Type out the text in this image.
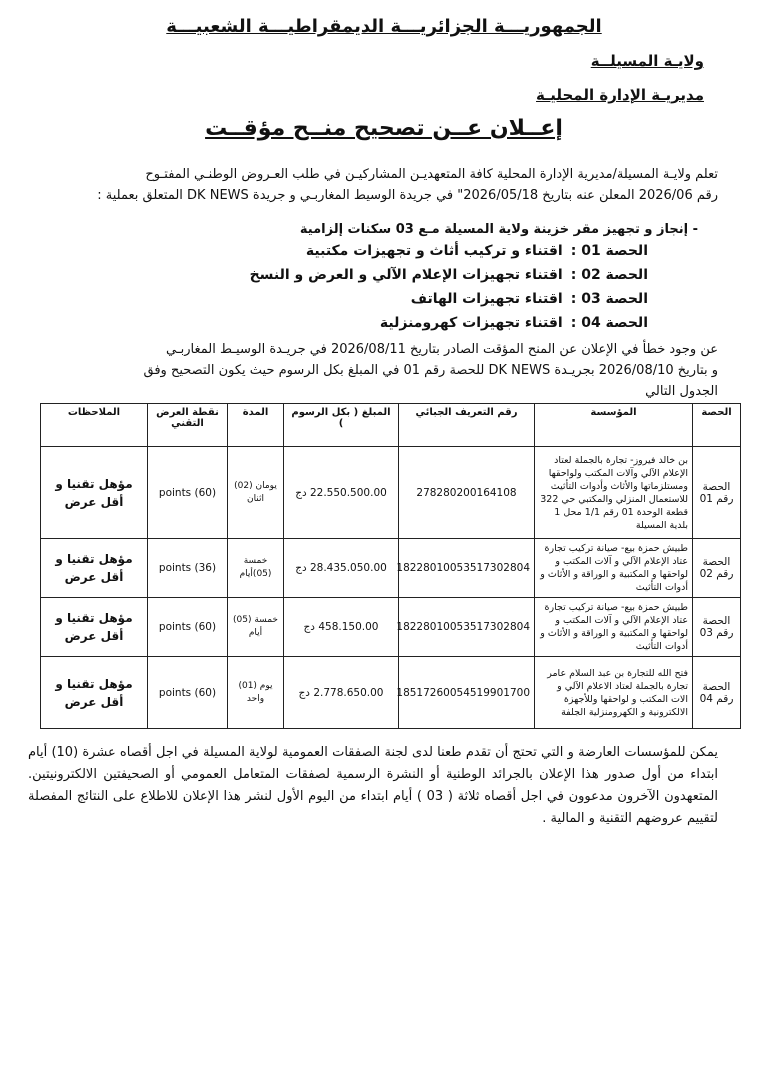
الجمهوريـــة الجزائريـــة الديمقراطيـــة الشعبيـــة
ولايـة المسيلــة
مديريـة الإدارة المحليـة
إعــلان عــن تصحيح منــح مؤقــت
تعلم ولايـة المسيلة/مديرية الإدارة المحلية كافة المتعهديـن المشاركيـن في طلب العـروض الوطنـي المفتـوح
رقم 2026/06 المعلن عنه بتاريخ 2026/05/18" في جريدة الوسيط المغاربـي و جريدة DK NEWS المتعلق بعملية :
- إنجاز و تجهيز مقر خزينة ولاية المسيلة مـع 03 سكنات إلزامية
الحصة 01 :اقتناء و تركيب أثاث و تجهيزات مكتبية
الحصة 02 :اقتناء تجهيزات الإعلام الآلي و العرض و النسخ
الحصة 03 :اقتناء تجهيزات الهاتف
الحصة 04 :اقتناء تجهيزات كهرومنزلية
عن وجود خطأ في الإعلان عن المنح المؤقت الصادر بتاريخ 2026/08/11 في جريـدة الوسيـط المغاربـي
و بتاريخ 2026/08/10 بجريـدة DK NEWS للحصة رقم 01 في المبلغ بكل الرسوم حيث يكون التصحيح وفق
الجدول التالي
الحصة	المؤسسة	رقم التعريف الجبائي	المبلغ ( بكل الرسوم )	المدة	نقطة العرض التقني	الملاحظات
الحصة رقم 01	بن خالد فيروز- تجارة بالجملة لعتاد الإعلام الآلي وآلات المكتب ولواحقها ومستلزماتها والأثاث وأدوات التأثيث للاستعمال المنزلي والمكتبي حي 322 قطعة الوحدة 01 رقم 1/1 محل 1 بلدية المسيلة	278280200164108	22.550.500.00 دج	يومان (02) اثنان	(60) points	مؤهل تقنيا و أقل عرض
الحصة رقم 02	طبيش حمزة بيع- صيانة تركيب تجارة عتاد الإعلام الآلي و آلات المكتب و لواحقها و المكتبية و الوراقة و الأثاث و أدوات التأثيث	18228010053517302804	28.435.050.00 دج	خمسة (05)أيام	(36) points	مؤهل تقنيا و أقل عرض
الحصة رقم 03	طبيش حمزة بيع- صيانة تركيب تجارة عتاد الإعلام الآلي و آلات المكتب و لواحقها و المكتبية و الوراقة و الأثاث و أدوات التأثيث	18228010053517302804	458.150.00 دج	خمسة (05) أيام	(60) points	مؤهل تقنيا و أقل عرض
الحصة رقم 04	فتح الله للتجارة بن عبد السلام عامر تجارة بالجملة لعتاد الاعلام الآلي و الات المكتب و لواحقها وللأجهزة الالكترونية و الكهرومنزلية الجلفة	18517260054519901700	2.778.650.00 دج	يوم (01) واحد	(60) points	مؤهل تقنيا و أقل عرض
يمكن للمؤسسات العارضة و التي تحتج أن تقدم طعنا لدى لجنة الصفقات العمومية لولاية المسيلة في اجل أقصاه عشرة (10) أيام ابتداء من أول صدور هذا الإعلان بالجرائد الوطنية أو النشرة الرسمية لصفقات المتعامل العمومي أو الصحيفتين الالكترونيتين. المتعهدون الآخرون مدعوون في اجل أقصاه ثلاثة ( 03 ) أيام ابتداء من اليوم الأول لنشر هذا الإعلان للاطلاع على النتائج المفصلة لتقييم عروضهم التقنية و المالية .
